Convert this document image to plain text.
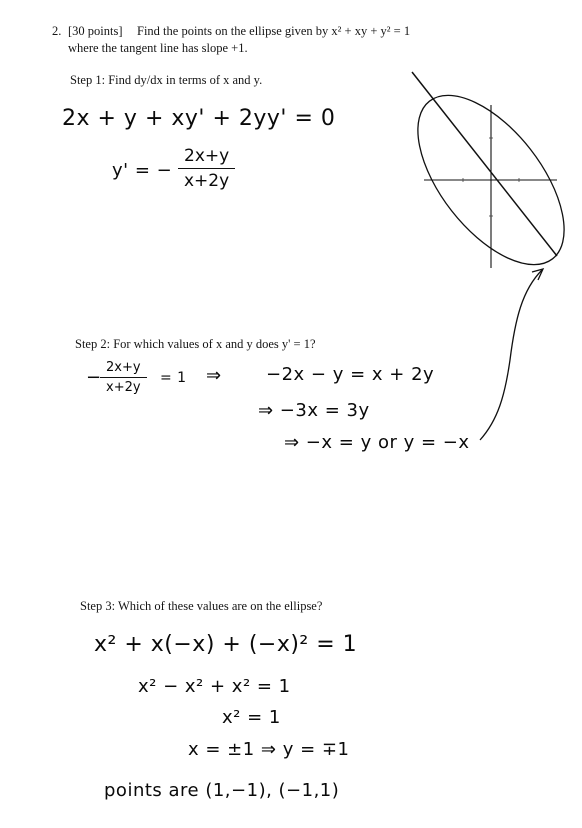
2. [30 points] Find the points on the ellipse given by x² + xy + y² = 1
where the tangent line has slope +1.
Step 1: Find dy/dx in terms of x and y.
2x + y + xy' + 2yy' = 0
y' = − $\frac{2x+y}{x+2y}$
Step 2: For which values of x and y does y' = 1?
−
$\frac{2x+y}{x+2y} = 1$ ⇒ −2x − y = x + 2y
⇒ −3x = 3y
⇒ −x = y or y = −x
Step 3: Which of these values are on the ellipse?
x² + x(−x) + (−x)² = 1
x² − x² + x² = 1
x² = 1
x = ±1 ⇒ y = ∓1
points are (1,−1), (−1,1)
